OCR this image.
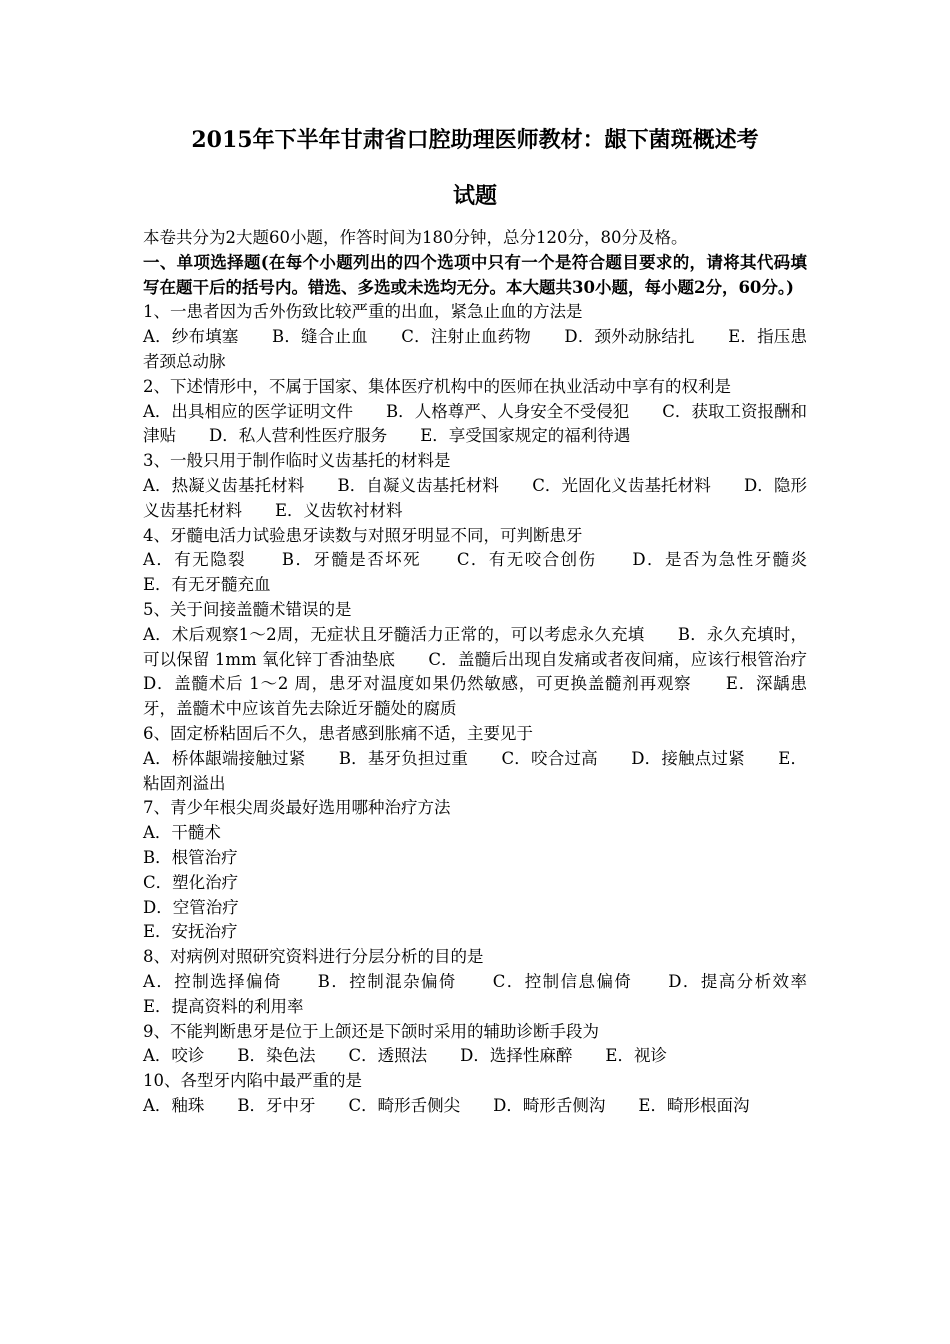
2015年下半年甘肃省口腔助理医师教材：龈下菌斑概述考
试题

本卷共分为2大题60小题，作答时间为180分钟，总分120分，80分及格。

一、单项选择题(在每个小题列出的四个选项中只有一个是符合题目要求的，请将其代码填写在题干后的括号内。错选、多选或未选均无分。本大题共30小题，每小题2分，60分。)

1、一患者因为舌外伤致比较严重的出血，紧急止血的方法是

A．纱布填塞　　B．缝合止血　　C．注射止血药物　　D．颈外动脉结扎　　E．指压患者颈总动脉

2、下述情形中，不属于国家、集体医疗机构中的医师在执业活动中享有的权利是

A．出具相应的医学证明文件　　B．人格尊严、人身安全不受侵犯　　C．获取工资报酬和津贴　　D．私人营利性医疗服务　　E．享受国家规定的福利待遇

3、一般只用于制作临时义齿基托的材料是

A．热凝义齿基托材料　　B．自凝义齿基托材料　　C．光固化义齿基托材料　　D．隐形义齿基托材料　　E．义齿软衬材料

4、牙髓电活力试验患牙读数与对照牙明显不同，可判断患牙

A．有无隐裂　　B．牙髓是否坏死　　C．有无咬合创伤　　D．是否为急性牙髓炎　　E．有无牙髓充血

5、关于间接盖髓术错误的是

A．术后观察1～2周，无症状且牙髓活力正常的，可以考虑永久充填　　B．永久充填时，可以保留 1mm 氧化锌丁香油垫底　　C．盖髓后出现自发痛或者夜间痛，应该行根管治疗　　D．盖髓术后 1～2 周，患牙对温度如果仍然敏感，可更换盖髓剂再观察　　E．深龋患牙，盖髓术中应该首先去除近牙髓处的腐质

6、固定桥粘固后不久，患者感到胀痛不适，主要见于

A．桥体龈端接触过紧　　B．基牙负担过重　　C．咬合过高　　D．接触点过紧　　E．粘固剂溢出

7、青少年根尖周炎最好选用哪种治疗方法

A．干髓术

B．根管治疗

C．塑化治疗

D．空管治疗

E．安抚治疗

8、对病例对照研究资料进行分层分析的目的是

A．控制选择偏倚　　B．控制混杂偏倚　　C．控制信息偏倚　　D．提高分析效率　　E．提高资料的利用率

9、不能判断患牙是位于上颌还是下颌时采用的辅助诊断手段为

A．咬诊　　B．染色法　　C．透照法　　D．选择性麻醉　　E．视诊

10、各型牙内陷中最严重的是

A．釉珠　　B．牙中牙　　C．畸形舌侧尖　　D．畸形舌侧沟　　E．畸形根面沟
